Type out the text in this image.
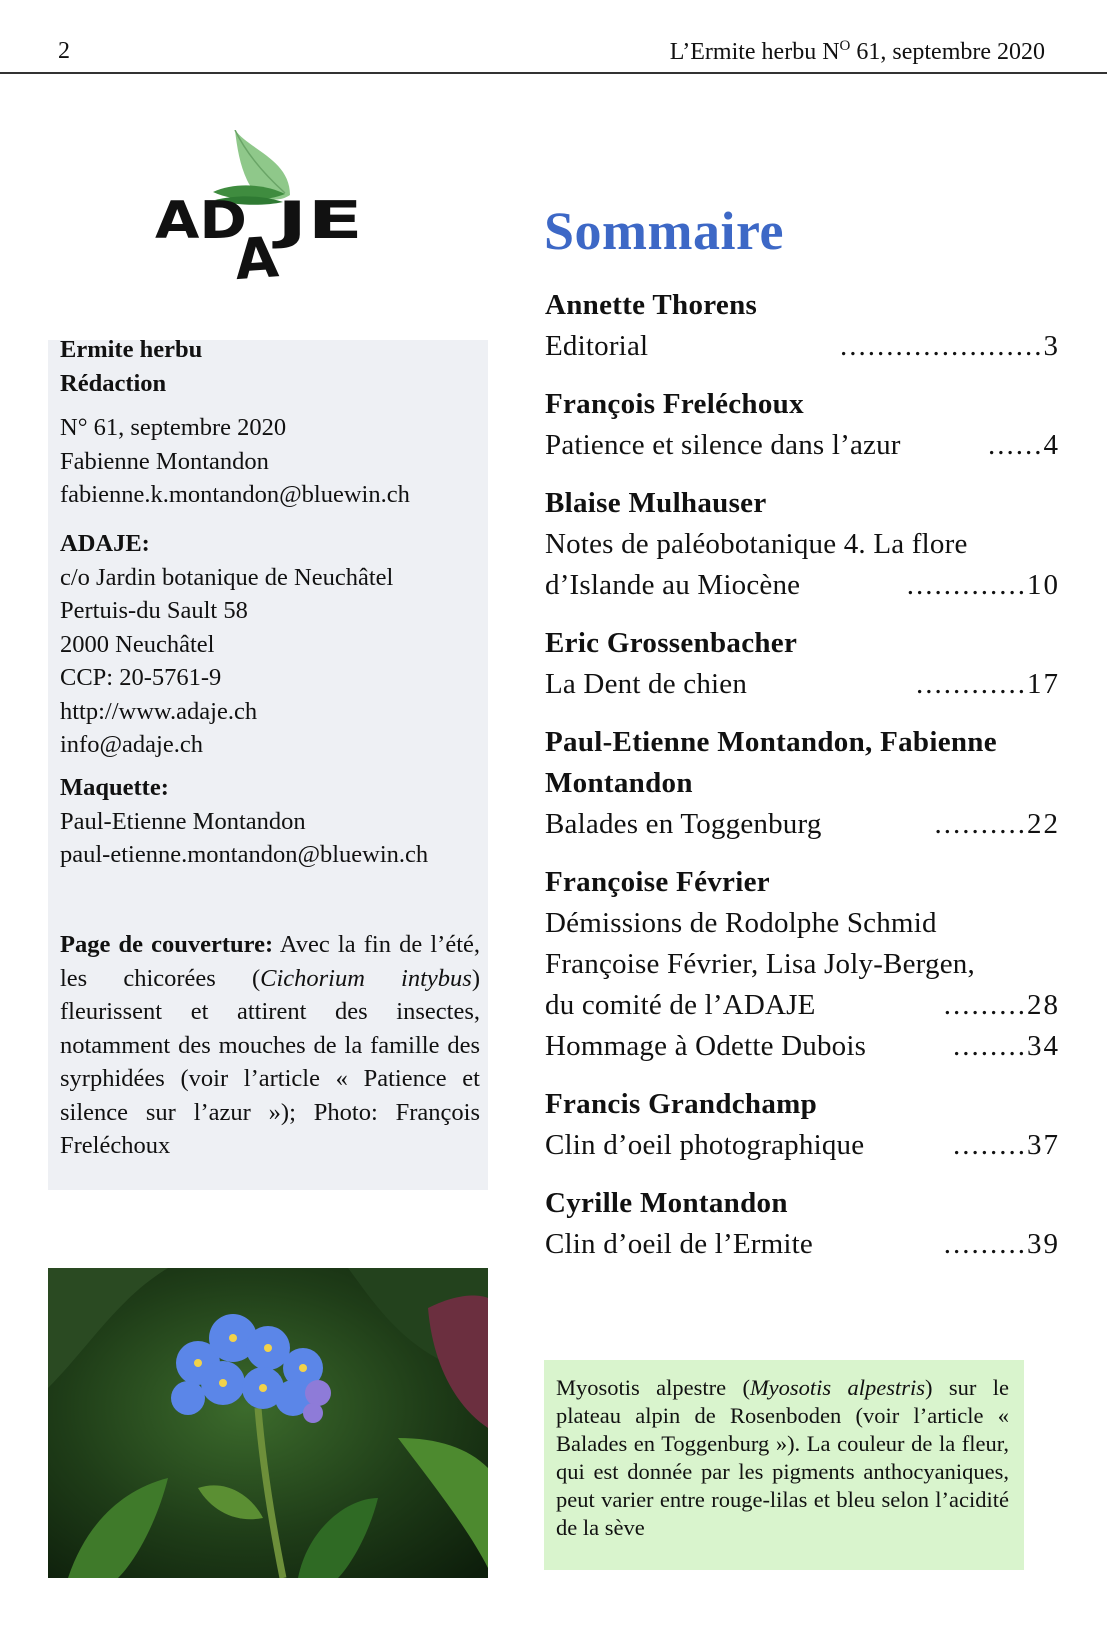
2	L’Ermite herbu $N^O$ 61, septembre 2020
AD
A
JE

Ermite herbu

Rédaction

N° 61, septembre 2020

Fabienne Montandon

fabienne.k.montandon@bluewin.ch

ADAJE:

c/o Jardin botanique de Neuchâtel

Pertuis-du Sault 58

2000 Neuchâtel

CCP: 20-5761-9

http://www.adaje.ch

info@adaje.ch

Maquette:

Paul-Etienne Montandon

paul-etienne.montandon@bluewin.ch

Page de couverture: Avec la fin de l’été, les chicorées (Cichorium intybus) fleurissent et attirent des insectes, notamment des mouches de la famille des syrphidées (voir l’article « Patience et silence sur l’azur »); Photo: François Freléchoux

Sommaire
Annette Thorens
Editorial	......................3
François Freléchoux
Patience et silence dans l’azur	......4
Blaise Mulhauser
Notes de paléobotanique 4. La flore
d’Islande au Miocène	.............10
Eric Grossenbacher
La Dent de chien	............17
Paul-Etienne Montandon, Fabienne Montandon
Balades en Toggenburg	..........22
Françoise Février
Démissions de Rodolphe Schmid
Françoise Février, Lisa Joly-Bergen,
du comité de l’ADAJE	.........28
Hommage à Odette Dubois	........34
Francis Grandchamp
Clin d’oeil photographique	........37
Cyrille Montandon
Clin d’oeil de l’Ermite	.........39
Myosotis alpestre (Myosotis alpestris) sur le plateau alpin de Rosenboden (voir l’article « Balades en Toggenburg »). La couleur de la fleur, qui est donnée par les pigments anthocyaniques, peut varier entre rouge-lilas et bleu selon l’acidité de la sève
